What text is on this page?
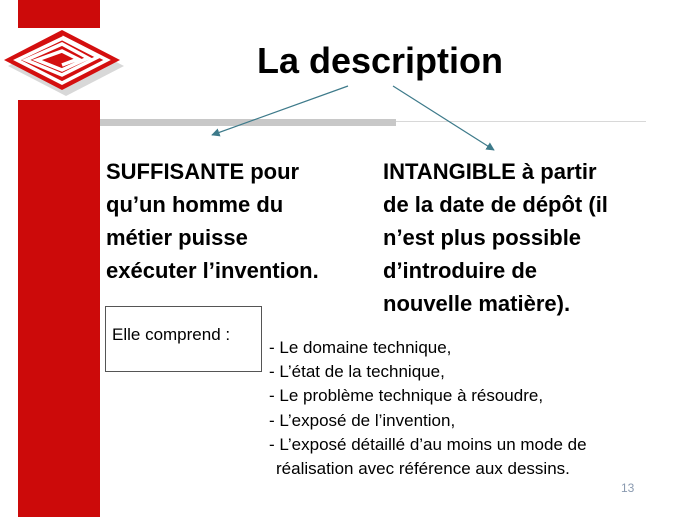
La description
SUFFISANTE pour
qu’un homme du
métier puisse
exécuter l’invention.
INTANGIBLE à partir
de la date de dépôt (il
n’est plus possible
d’introduire de
nouvelle matière).
Elle comprend :
- Le domaine technique,
- L’état de la technique,
- Le problème technique à résoudre,
- L’exposé de l’invention,
- L’exposé détaillé d’au moins un mode de
réalisation avec référence aux dessins.
13
